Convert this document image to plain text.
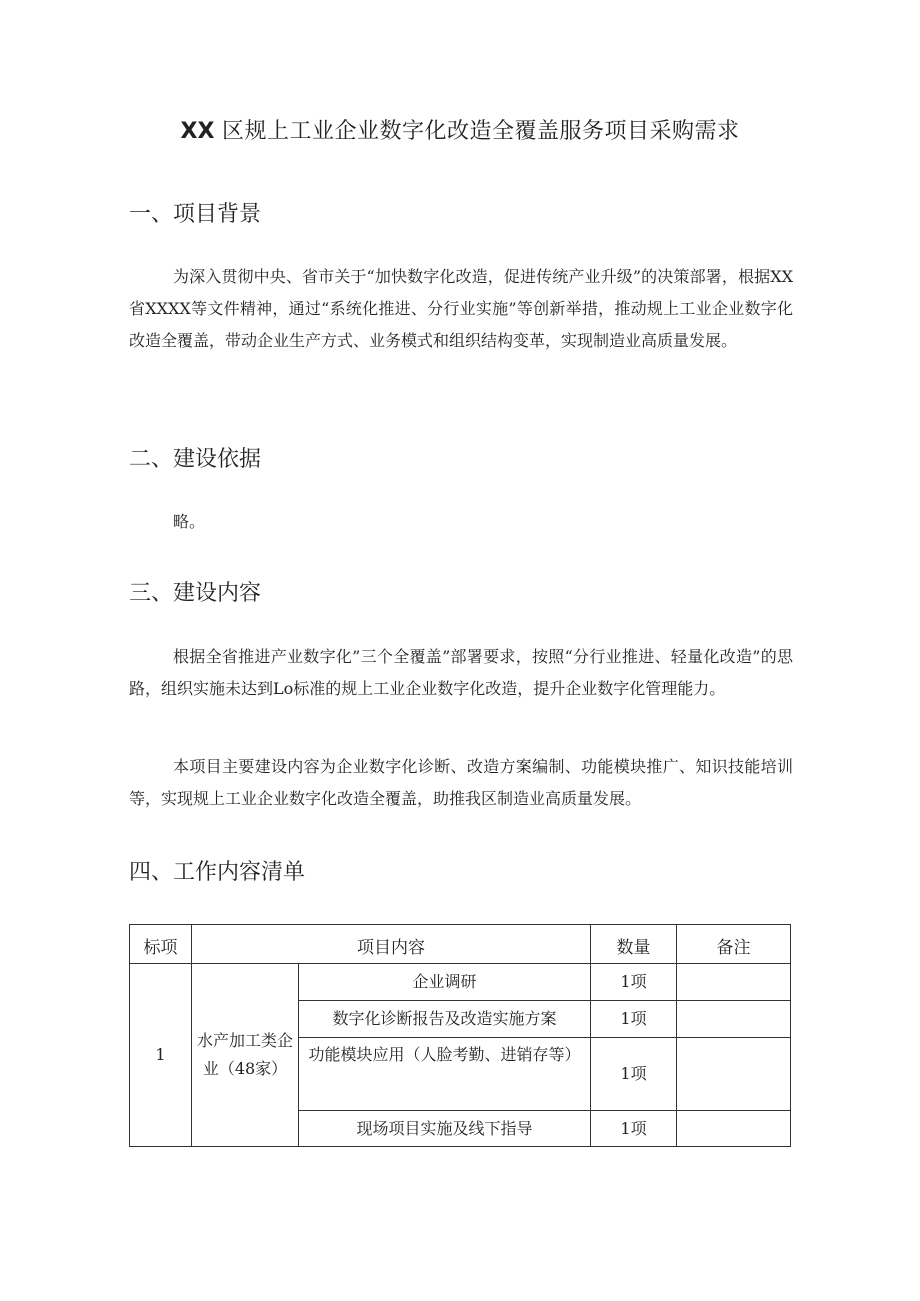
XX 区规上工业企业数字化改造全覆盖服务项目采购需求
一、项目背景

为深入贯彻中央、省市关于“加快数字化改造，促进传统产业升级”的决策部署，根据XX省XXXX等文件精神，通过“系统化推进、分行业实施”等创新举措，推动规上工业企业数字化改造全覆盖，带动企业生产方式、业务模式和组织结构变革，实现制造业高质量发展。

二、建设依据

略。

三、建设内容

根据全省推进产业数字化”三个全覆盖”部署要求，按照“分行业推进、轻量化改造”的思路，组织实施未达到Lo标准的规上工业企业数字化改造，提升企业数字化管理能力。

本项目主要建设内容为企业数字化诊断、改造方案编制、功能模块推广、知识技能培训等，实现规上工业企业数字化改造全覆盖，助推我区制造业高质量发展。

四、工作内容清单
标项	项目内容		数量	备注
1	水产加工类企业（48家）	企业调研	1项	
		数字化诊断报告及改造实施方案	1项	
		功能模块应用（人脸考勤、进销存等）	1项	
		现场项目实施及线下指导	1项	
